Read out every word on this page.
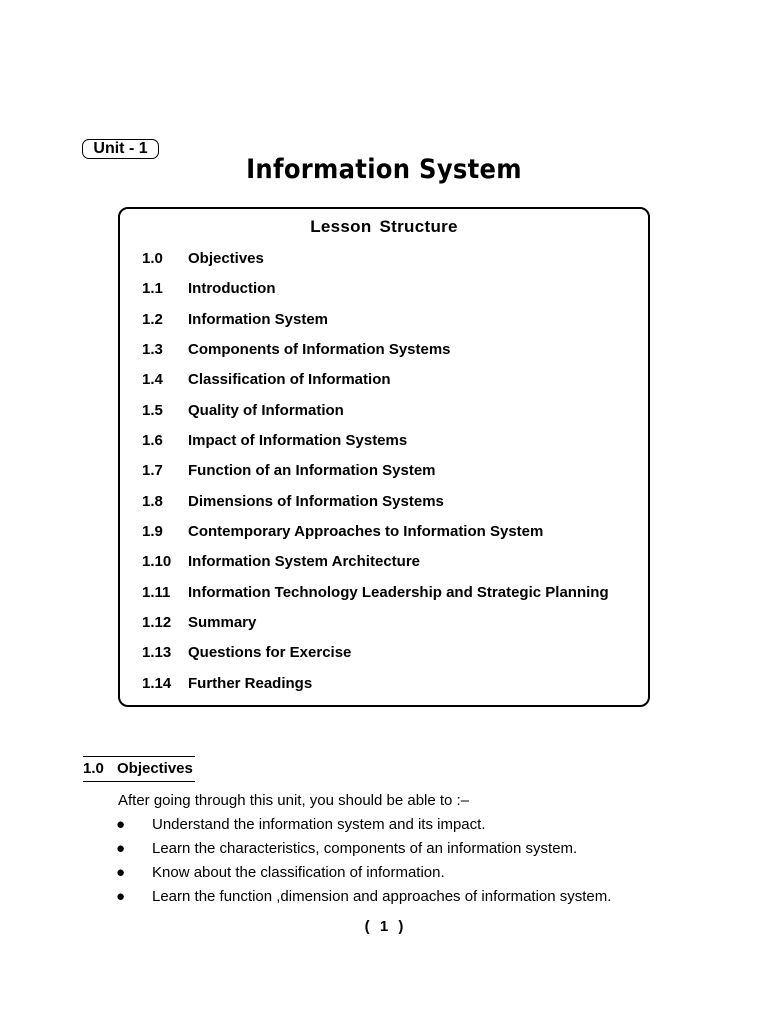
Unit - 1
Information System
Lesson Structure
1.0	Objectives
1.1	Introduction
1.2	Information System
1.3	Components of Information Systems
1.4	Classification of Information
1.5	Quality of Information
1.6	Impact of Information Systems
1.7	Function of an Information System
1.8	Dimensions of Information Systems
1.9	Contemporary Approaches to Information System
1.10	Information System Architecture
1.11	Information Technology Leadership and Strategic Planning
1.12	Summary
1.13	Questions for Exercise
1.14	Further Readings
1.0 Objectives
After going through this unit, you should be able to :–
●	Understand the information system and its impact.
●	Learn the characteristics, components of an information system.
●	Know about the classification of information.
●	Learn the function ,dimension and approaches of information system.
( 1 )
